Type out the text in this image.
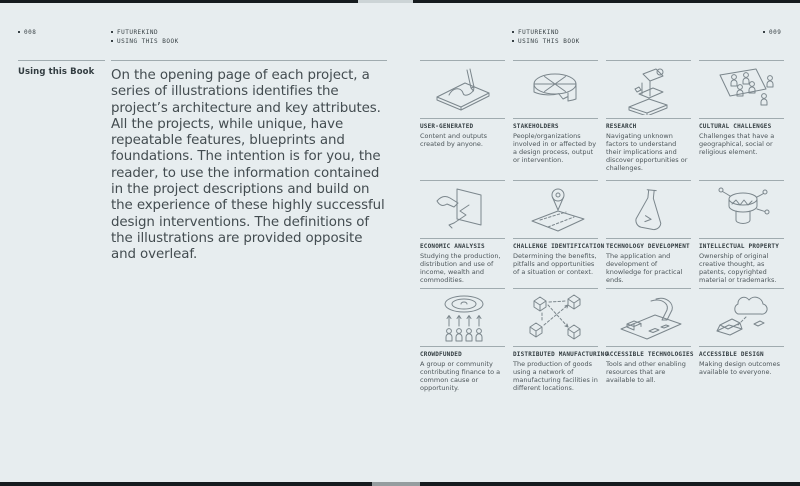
008	FUTUREKIND
USING THIS BOOK
FUTUREKIND
USING THIS BOOK
009
Using this Book	On the opening page of each project, a series of illustrations identifies the project’s architecture and key attributes. All the projects, while unique, have repeatable features, blueprints and foundations. The intention is for you, the reader, to use the information contained in the project descriptions and build on the experience of these highly successful design interventions. The definitions of the illustrations are provided opposite and overleaf.
USER-GENERATED
Content and outputs created by anyone.
STAKEHOLDERS
People/organizations involved in or affected by a design process, output or intervention.
RESEARCH
Navigating unknown factors to understand their implications and discover opportunities or challenges.
CULTURAL CHALLENGES
Challenges that have a geographical, social or religious element.
ECONOMIC ANALYSIS
Studying the production, distribution and use of income, wealth and commodities.
CHALLENGE IDENTIFICATION
Determining the benefits, pitfalls and opportunities of a situation or context.
TECHNOLOGY DEVELOPMENT
The application and development of knowledge for practical ends.
INTELLECTUAL PROPERTY
Ownership of original creative thought, as patents, copyrighted material or trademarks.
CROWDFUNDED
A group or community contributing finance to a common cause or opportunity.
DISTRIBUTED MANUFACTURING
The production of goods using a network of manufacturing facilities in different locations.
ACCESSIBLE TECHNOLOGIES
Tools and other enabling resources that are available to all.
ACCESSIBLE DESIGN
Making design outcomes available to everyone.
